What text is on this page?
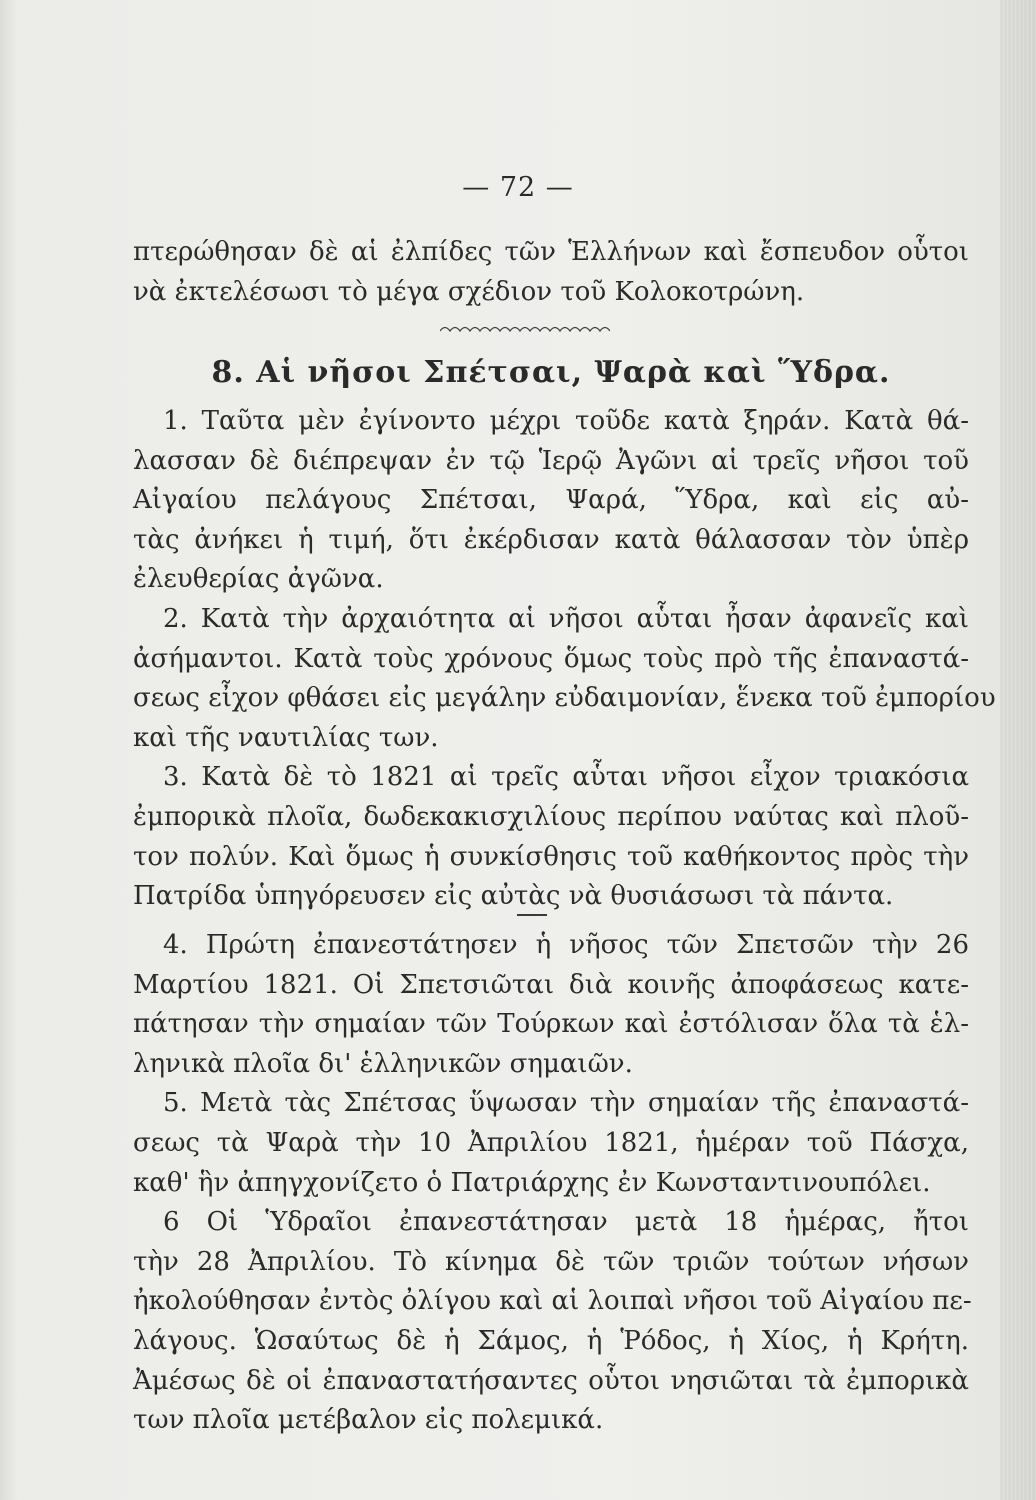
— 72 —
πτερώθησαν δὲ αἱ ἐλπίδες τῶν Ἑλλήνων καὶ ἔσπευδον οὗτοι
νὰ ἐκτελέσωσι τὸ μέγα σχέδιον τοῦ Κολοκοτρώνη.
8. Αἱ νῆσοι Σπέτσαι, Ψαρὰ καὶ Ὕδρα.
1. Ταῦτα μὲν ἐγίνοντο μέχρι τοῦδε κατὰ ξηράν. Κατὰ θά-
λασσαν δὲ διέπρεψαν ἐν τῷ Ἱερῷ Ἀγῶνι αἱ τρεῖς νῆσοι τοῦ
Αἰγαίου πελάγους Σπέτσαι, Ψαρά, Ὕδρα, καὶ εἰς αὐ-
τὰς ἀνήκει ἡ τιμή, ὅτι ἐκέρδισαν κατὰ θάλασσαν τὸν ὑπὲρ
ἐλευθερίας ἀγῶνα.
2. Κατὰ τὴν ἀρχαιότητα αἱ νῆσοι αὗται ἦσαν ἀφανεῖς καὶ
ἀσήμαντοι. Κατὰ τοὺς χρόνους ὅμως τοὺς πρὸ τῆς ἐπαναστά-
σεως εἶχον φθάσει εἰς μεγάλην εὐδαιμονίαν, ἕνεκα τοῦ ἐμπορίου
καὶ τῆς ναυτιλίας των.
3. Κατὰ δὲ τὸ 1821 αἱ τρεῖς αὗται νῆσοι εἶχον τριακόσια
ἐμπορικὰ πλοῖα, δωδεκακισχιλίους περίπου ναύτας καὶ πλοῦ-
τον πολύν. Καὶ ὅμως ἡ συνκίσθησις τοῦ καθήκοντος πρὸς τὴν
Πατρίδα ὑπηγόρευσεν εἰς αὐτὰς νὰ θυσιάσωσι τὰ πάντα.
4. Πρώτη ἐπανεστάτησεν ἡ νῆσος τῶν Σπετσῶν τὴν 26
Μαρτίου 1821. Οἱ Σπετσιῶται διὰ κοινῆς ἀποφάσεως κατε-
πάτησαν τὴν σημαίαν τῶν Τούρκων καὶ ἐστόλισαν ὅλα τὰ ἑλ-
ληνικὰ πλοῖα δι' ἑλληνικῶν σημαιῶν.
5. Μετὰ τὰς Σπέτσας ὕψωσαν τὴν σημαίαν τῆς ἐπαναστά-
σεως τὰ Ψαρὰ τὴν 10 Ἀπριλίου 1821, ἡμέραν τοῦ Πάσχα,
καθ' ἣν ἀπηγχονίζετο ὁ Πατριάρχης ἐν Κωνσταντινουπόλει.
6 Οἱ Ὑδραῖοι ἐπανεστάτησαν μετὰ 18 ἡμέρας, ἤτοι
τὴν 28 Ἀπριλίου. Τὸ κίνημα δὲ τῶν τριῶν τούτων νήσων
ἠκολούθησαν ἐντὸς ὀλίγου καὶ αἱ λοιπαὶ νῆσοι τοῦ Αἰγαίου πε-
λάγους. Ὡσαύτως δὲ ἡ Σάμος, ἡ Ῥόδος, ἡ Χίος, ἡ Κρήτη.
Ἀμέσως δὲ οἱ ἐπαναστατήσαντες οὗτοι νησιῶται τὰ ἐμπορικὰ
των πλοῖα μετέβαλον εἰς πολεμικά.
